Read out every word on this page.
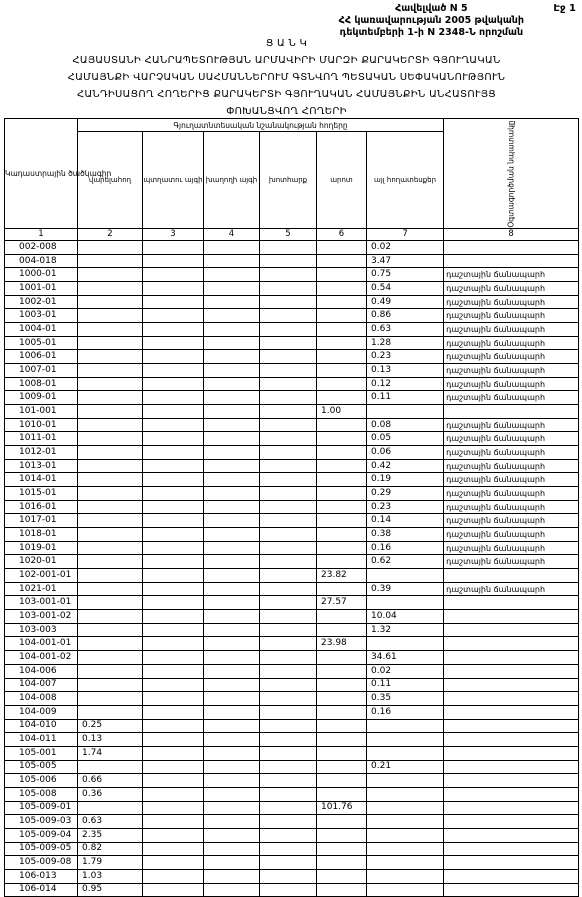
Էջ 1
Հավելված N 5
ՀՀ կառավարության 2005 թվականի
դեկտեմբերի 1-ի N 2348-Ն որոշման
Ց Ա Ն Կ
ՀԱՅԱՍՏԱՆԻ ՀԱՆՐԱՊԵՏՈՒԹՅԱՆ ԱՐՄԱՎԻՐԻ ՄԱՐԶԻ ՔԱՐԱԿԵՐՏԻ ԳՅՈՒՂԱԿԱՆ
ՀԱՄԱՅՆՔԻ ՎԱՐՉԱԿԱՆ ՍԱՀՄԱՆՆԵՐՈՒՄ ԳՏՆՎՈՂ ՊԵՏԱԿԱՆ ՍԵՓԱԿԱՆՈՒԹՅՈՒՆ
ՀԱՆԴԻՍԱՑՈՂ ՀՈՂԵՐԻՑ ՔԱՐԱԿԵՐՏԻ ԳՅՈՒՂԱԿԱՆ ՀԱՄԱՅՆՔԻՆ ԱՆՀԱՏՈՒՅՑ
ՓՈԽԱՆՑՎՈՂ ՀՈՂԵՐԻ
Կադաստրային ծածկագիր	Գյուղատնտեսական նշանակության հողերը						Օգտագործման նպատակը

	վարելահող	պտղատու այգի	խաղողի այգի	խոտհարք	արոտ	այլ հողատեսքեր	
1	2	3	4	5	6	7	8
002-008						0.02	
004-018						3.47	
1000-01						0.75	դաշտային ճանապարհ
1001-01						0.54	դաշտային ճանապարհ
1002-01						0.49	դաշտային ճանապարհ
1003-01						0.86	դաշտային ճանապարհ
1004-01						0.63	դաշտային ճանապարհ
1005-01						1.28	դաշտային ճանապարհ
1006-01						0.23	դաշտային ճանապարհ
1007-01						0.13	դաշտային ճանապարհ
1008-01						0.12	դաշտային ճանապարհ
1009-01						0.11	դաշտային ճանապարհ
101-001					1.00		
1010-01						0.08	դաշտային ճանապարհ
1011-01						0.05	դաշտային ճանապարհ
1012-01						0.06	դաշտային ճանապարհ
1013-01						0.42	դաշտային ճանապարհ
1014-01						0.19	դաշտային ճանապարհ
1015-01						0.29	դաշտային ճանապարհ
1016-01						0.23	դաշտային ճանապարհ
1017-01						0.14	դաշտային ճանապարհ
1018-01						0.38	դաշտային ճանապարհ
1019-01						0.16	դաշտային ճանապարհ
1020-01						0.62	դաշտային ճանապարհ
102-001-01					23.82		
1021-01						0.39	դաշտային ճանապարհ
103-001-01					27.57		
103-001-02						10.04	
103-003						1.32	
104-001-01					23.98		
104-001-02						34.61	
104-006						0.02	
104-007						0.11	
104-008						0.35	
104-009						0.16	
104-010	0.25						
104-011	0.13						
105-001	1.74						
105-005						0.21	
105-006	0.66						
105-008	0.36						
105-009-01					101.76		
105-009-03	0.63						
105-009-04	2.35						
105-009-05	0.82						
105-009-08	1.79						
106-013	1.03						
106-014	0.95						
